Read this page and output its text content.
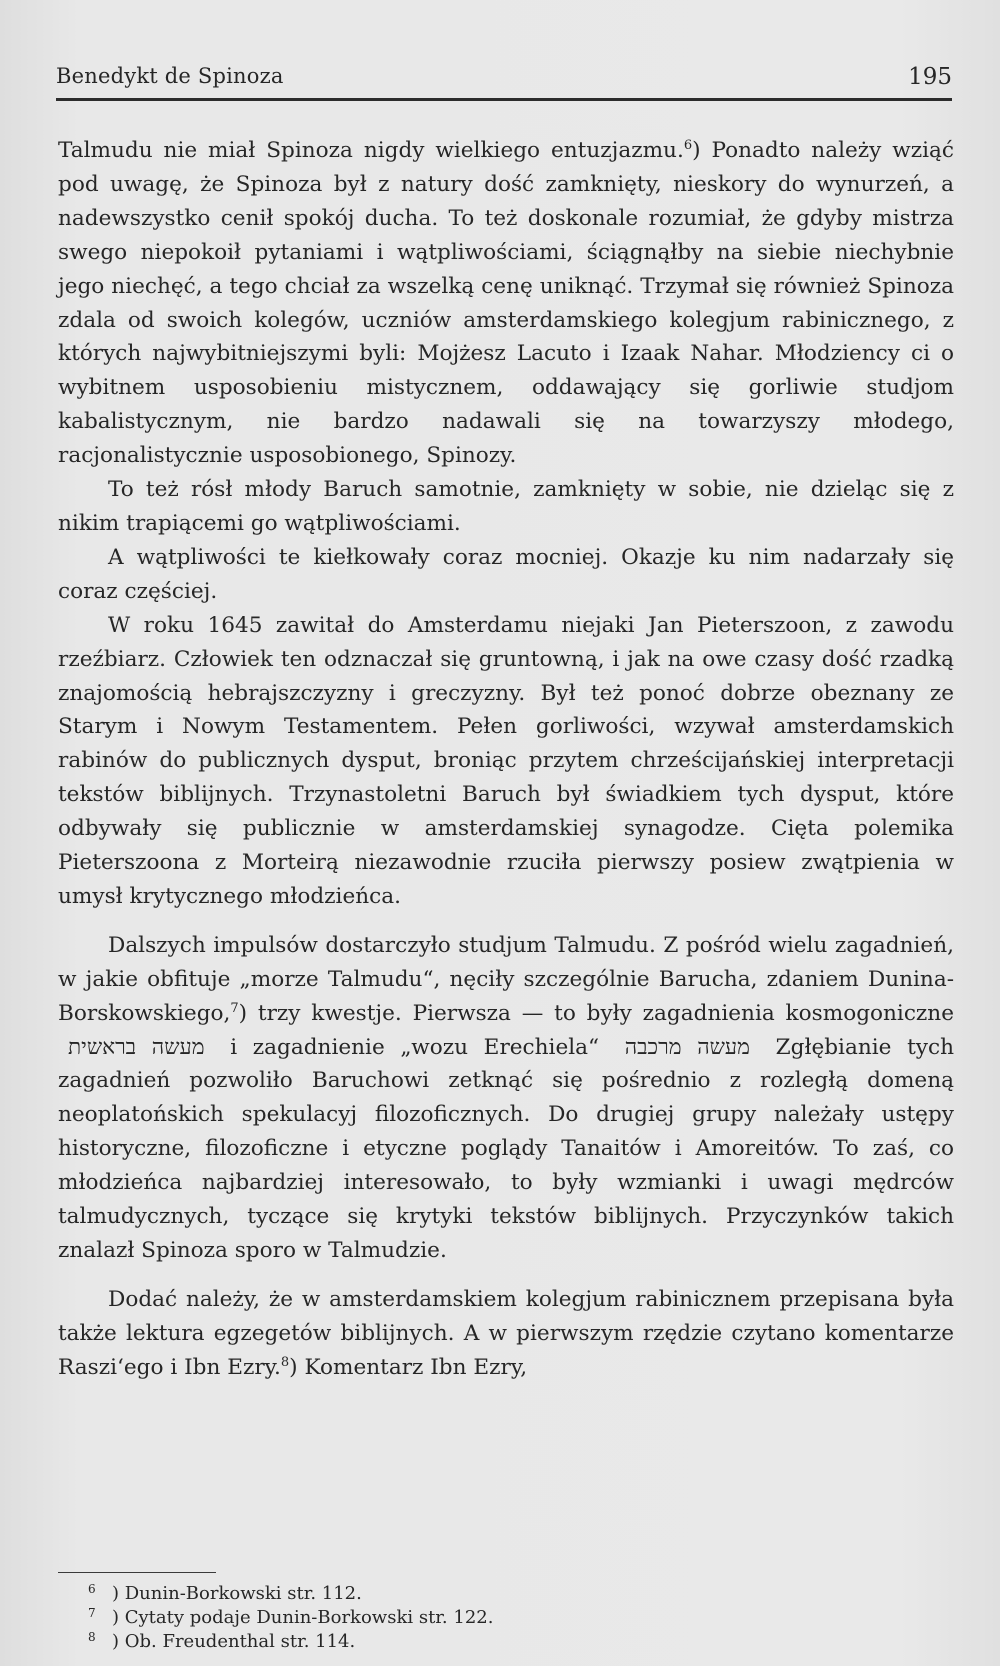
Benedykt de Spinoza	195

Talmudu nie miał Spinoza nigdy wielkiego entuzjazmu.$^6$) Ponadto należy wziąć pod uwagę, że Spinoza był z natury dość zamknięty, nieskory do wynurzeń, a nadewszystko cenił spokój ducha. To też doskonale rozumiał, że gdyby mistrza swego niepokoił pytaniami i wątpliwościami, ściągnąłby na siebie niechybnie jego niechęć, a tego chciał za wszelką cenę uniknąć. Trzymał się również Spinoza zdala od swoich kolegów, uczniów amsterdamskiego kolegjum rabinicznego, z których najwybitniejszymi byli: Mojżesz Lacuto i Izaak Nahar. Młodziency ci o wybitnem usposobieniu mistycznem, oddawający się gorliwie studjom kabalistycznym, nie bardzo nadawali się na towarzyszy młodego, racjonalistycznie usposobionego, Spinozy.

To też rósł młody Baruch samotnie, zamknięty w sobie, nie dzieląc się z nikim trapiącemi go wątpliwościami.

A wątpliwości te kiełkowały coraz mocniej. Okazje ku nim nadarzały się coraz częściej.

W roku 1645 zawitał do Amsterdamu niejaki Jan Pieterszoon, z zawodu rzeźbiarz. Człowiek ten odznaczał się gruntowną, i jak na owe czasy dość rzadką znajomością hebrajszczyzny i greczyzny. Był też ponoć dobrze obeznany ze Starym i Nowym Testamentem. Pełen gorliwości, wzywał amsterdamskich rabinów do publicznych dysput, broniąc przytem chrześcijańskiej interpretacji tekstów biblijnych. Trzynastoletni Baruch był świadkiem tych dysput, które odbywały się publicznie w amsterdamskiej synagodze. Cięta polemika Pieterszoona z Morteirą niezawodnie rzuciła pierwszy posiew zwątpienia w umysł krytycznego młodzieńca.

Dalszych impulsów dostarczyło studjum Talmudu. Z pośród wielu zagadnień, w jakie obfituje „morze Talmudu“, nęciły szczególnie Barucha, zdaniem Dunina-Borskowskiego,$^7$) trzy kwestje. Pierwsza — to były zagadnienia kosmogoniczne מעשה בראשית i zagadnienie „wozu Erechiela“ מעשה מרכבה Zgłębianie tych zagadnień pozwoliło Baruchowi zetknąć się pośrednio z rozległą domeną neoplatońskich spekulacyj filozoficznych. Do drugiej grupy należały ustępy historyczne, filozoficzne i etyczne poglądy Tanaitów i Amoreitów. To zaś, co młodzieńca najbardziej interesowało, to były wzmianki i uwagi mędrców talmudycznych, tyczące się krytyki tekstów biblijnych. Przyczynków takich znalazł Spinoza sporo w Talmudzie.

Dodać należy, że w amsterdamskiem kolegjum rabinicznem przepisana była także lektura egzegetów biblijnych. A w pierwszym rzędzie czytano komentarze Raszi‘ego i Ibn Ezry.$^8$) Komentarz Ibn Ezry,

6 ) Dunin-Borkowski str. 112.
7 ) Cytaty podaje Dunin-Borkowski str. 122.
8 ) Ob. Freudenthal str. 114.
